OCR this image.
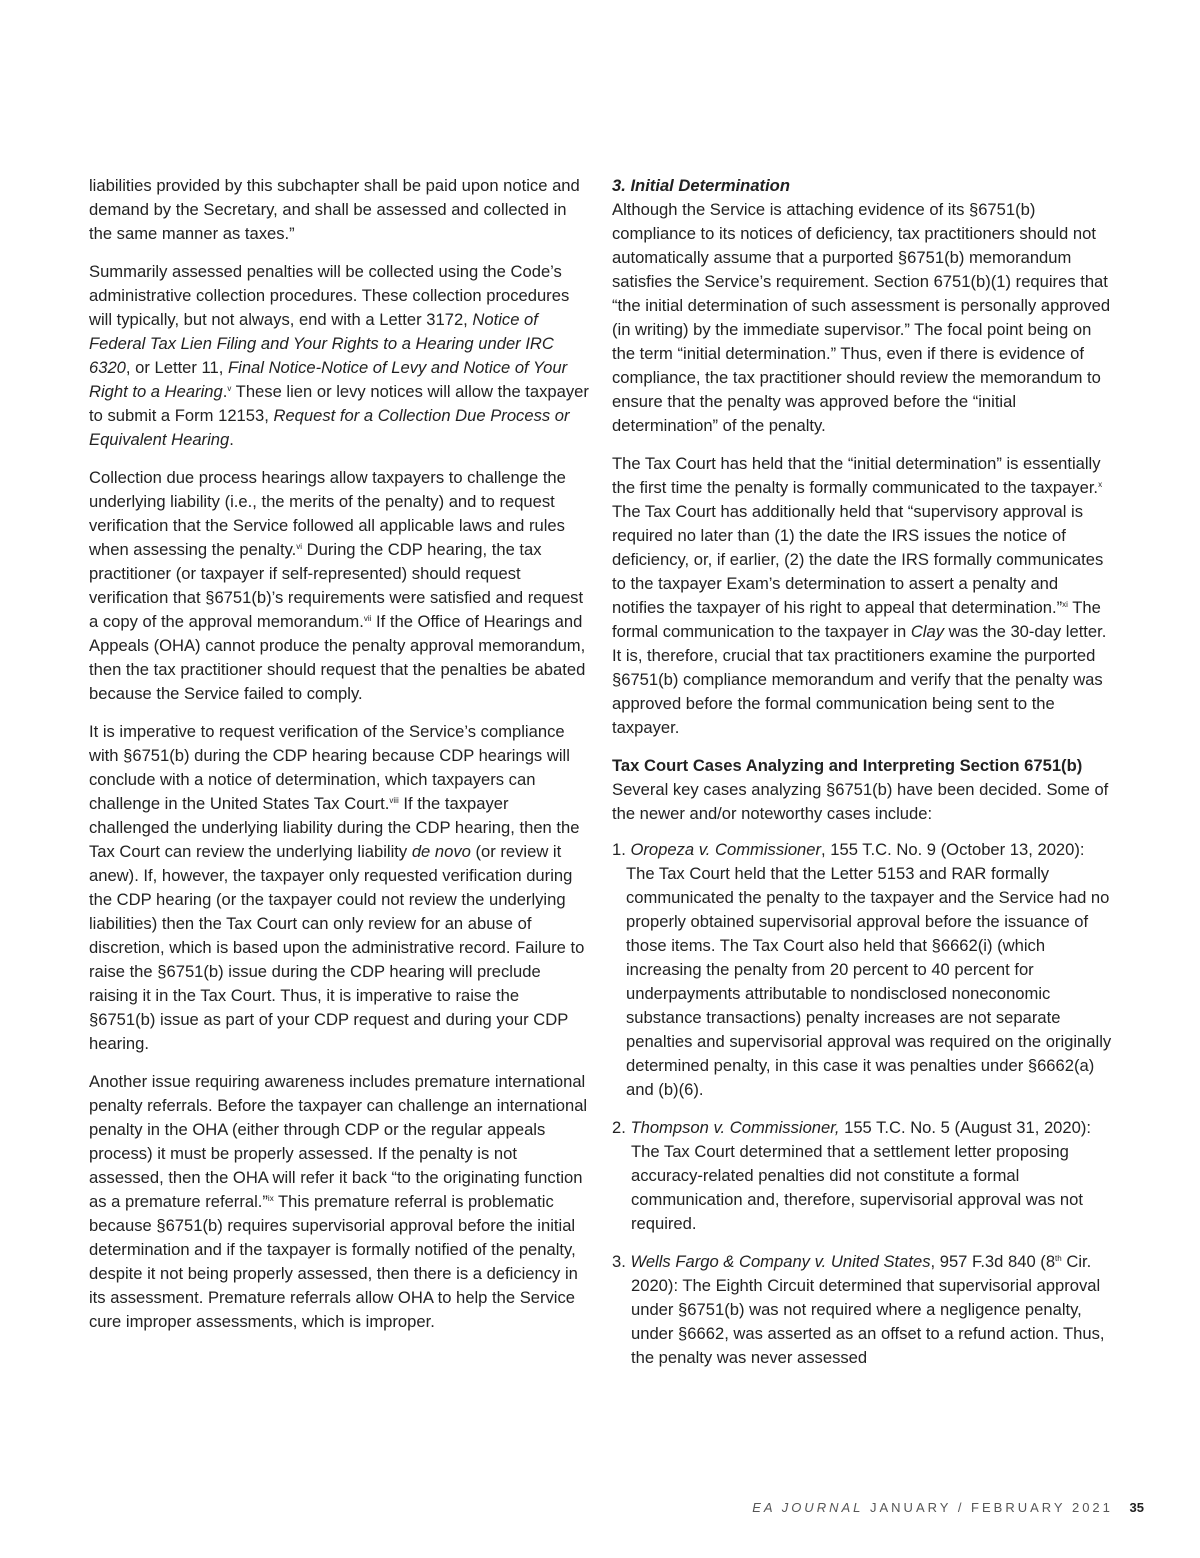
liabilities provided by this subchapter shall be paid upon notice and demand by the Secretary, and shall be assessed and collected in the same manner as taxes.”

Summarily assessed penalties will be collected using the Code’s administrative collection procedures. These collection procedures will typically, but not always, end with a Letter 3172, Notice of Federal Tax Lien Filing and Your Rights to a Hearing under IRC 6320, or Letter 11, Final Notice-Notice of Levy and Notice of Your Right to a Hearing.$^v$ These lien or levy notices will allow the taxpayer to submit a Form 12153, Request for a Collection Due Process or Equivalent Hearing.

Collection due process hearings allow taxpayers to challenge the underlying liability (i.e., the merits of the penalty) and to request verification that the Service followed all applicable laws and rules when assessing the penalty.$^{vi}$ During the CDP hearing, the tax practitioner (or taxpayer if self-represented) should request verification that §6751(b)’s requirements were satisfied and request a copy of the approval memorandum.$^{vii}$ If the Office of Hearings and Appeals (OHA) cannot produce the penalty approval memorandum, then the tax practitioner should request that the penalties be abated because the Service failed to comply.

It is imperative to request verification of the Service’s compliance with §6751(b) during the CDP hearing because CDP hearings will conclude with a notice of determination, which taxpayers can challenge in the United States Tax Court.$^{viii}$ If the taxpayer challenged the underlying liability during the CDP hearing, then the Tax Court can review the underlying liability de novo (or review it anew). If, however, the taxpayer only requested verification during the CDP hearing (or the taxpayer could not review the underlying liabilities) then the Tax Court can only review for an abuse of discretion, which is based upon the administrative record. Failure to raise the §6751(b) issue during the CDP hearing will preclude raising it in the Tax Court. Thus, it is imperative to raise the §6751(b) issue as part of your CDP request and during your CDP hearing.

Another issue requiring awareness includes premature international penalty referrals. Before the taxpayer can challenge an international penalty in the OHA (either through CDP or the regular appeals process) it must be properly assessed. If the penalty is not assessed, then the OHA will refer it back “to the originating function as a premature referral.”$^{ix}$ This premature referral is problematic because §6751(b) requires supervisorial approval before the initial determination and if the taxpayer is formally notified of the penalty, despite it not being properly assessed, then there is a deficiency in its assessment. Premature referrals allow OHA to help the Service cure improper assessments, which is improper.

3. Initial Determination

Although the Service is attaching evidence of its §6751(b) compliance to its notices of deficiency, tax practitioners should not automatically assume that a purported §6751(b) memorandum satisfies the Service’s requirement. Section 6751(b)(1) requires that “the initial determination of such assessment is personally approved (in writing) by the immediate supervisor.” The focal point being on the term “initial determination.” Thus, even if there is evidence of compliance, the tax practitioner should review the memorandum to ensure that the penalty was approved before the “initial determination” of the penalty.

The Tax Court has held that the “initial determination” is essentially the first time the penalty is formally communicated to the taxpayer.$^x$ The Tax Court has additionally held that “supervisory approval is required no later than (1) the date the IRS issues the notice of deficiency, or, if earlier, (2) the date the IRS formally communicates to the taxpayer Exam’s determination to assert a penalty and notifies the taxpayer of his right to appeal that determination.”$^{xi}$ The formal communication to the taxpayer in Clay was the 30-day letter. It is, therefore, crucial that tax practitioners examine the purported §6751(b) compliance memorandum and verify that the penalty was approved before the formal communication being sent to the taxpayer.

Tax Court Cases Analyzing and Interpreting Section 6751(b)

Several key cases analyzing §6751(b) have been decided. Some of the newer and/or noteworthy cases include:

1. Oropeza v. Commissioner, 155 T.C. No. 9 (October 13, 2020): The Tax Court held that the Letter 5153 and RAR formally communicated the penalty to the taxpayer and the Service had no properly obtained supervisorial approval before the issuance of those items. The Tax Court also held that §6662(i) (which increasing the penalty from 20 percent to 40 percent for underpayments attributable to nondisclosed noneconomic substance transactions) penalty increases are not separate penalties and supervisorial approval was required on the originally determined penalty, in this case it was penalties under §6662(a) and (b)(6).
2. Thompson v. Commissioner, 155 T.C. No. 5 (August 31, 2020): The Tax Court determined that a settlement letter proposing accuracy-related penalties did not constitute a formal communication and, therefore, supervisorial approval was not required.
3. Wells Fargo & Company v. United States, 957 F.3d 840 (8th Cir. 2020): The Eighth Circuit determined that supervisorial approval under §6751(b) was not required where a negligence penalty, under §6662, was asserted as an offset to a refund action. Thus, the penalty was never assessed
EA JOURNAL JANUARY / FEBRUARY 2021 35
